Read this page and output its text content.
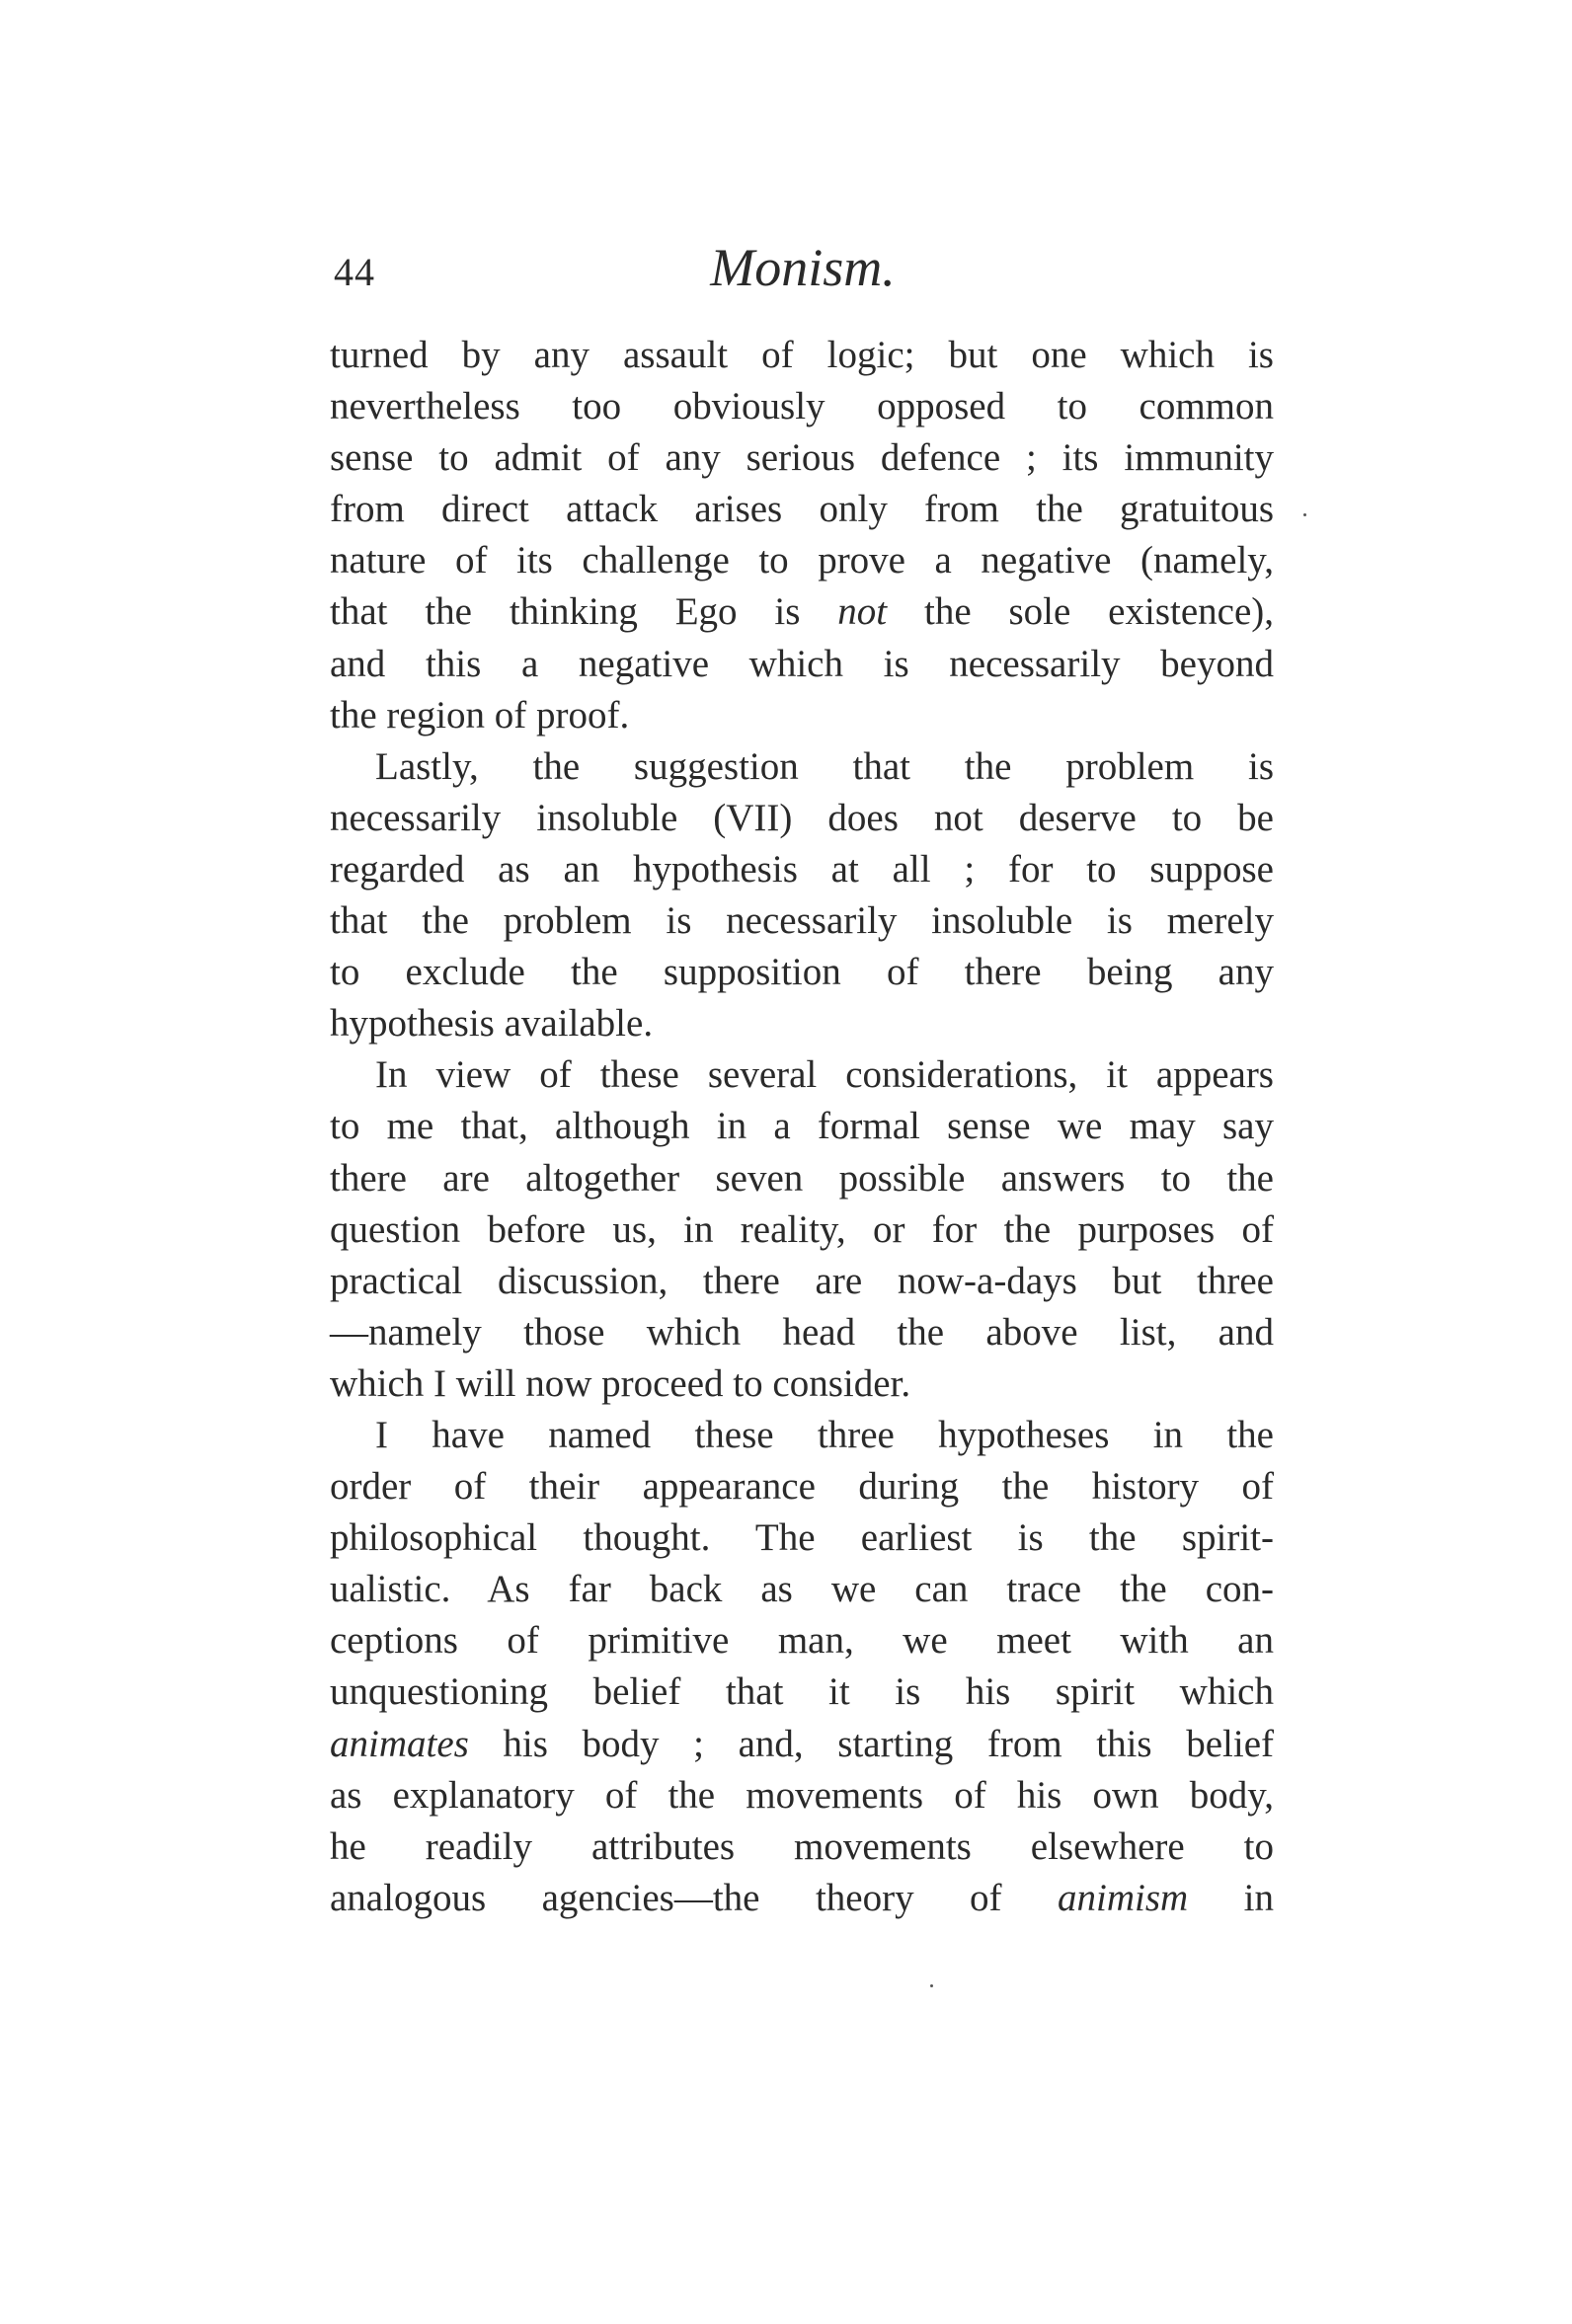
44	Monism.
turned by any assault of logic; but one which is
nevertheless too obviously opposed to common
sense to admit of any serious defence ; its immunity
from direct attack arises only from the gratuitous
nature of its challenge to prove a negative (namely,
that the thinking Ego is not the sole existence),
and this a negative which is necessarily beyond
the region of proof.
Lastly, the suggestion that the problem is
necessarily insoluble (VII) does not deserve to be
regarded as an hypothesis at all ; for to suppose
that the problem is necessarily insoluble is merely
to exclude the supposition of there being any
hypothesis available.
In view of these several considerations, it appears
to me that, although in a formal sense we may say
there are altogether seven possible answers to the
question before us, in reality, or for the purposes of
practical discussion, there are now-a-days but three
—namely those which head the above list, and
which I will now proceed to consider.
I have named these three hypotheses in the
order of their appearance during the history of
philosophical thought. The earliest is the spirit-
ualistic. As far back as we can trace the con-
ceptions of primitive man, we meet with an
unquestioning belief that it is his spirit which
animates his body ; and, starting from this belief
as explanatory of the movements of his own body,
he readily attributes movements elsewhere to
analogous agencies—the theory of animism in
